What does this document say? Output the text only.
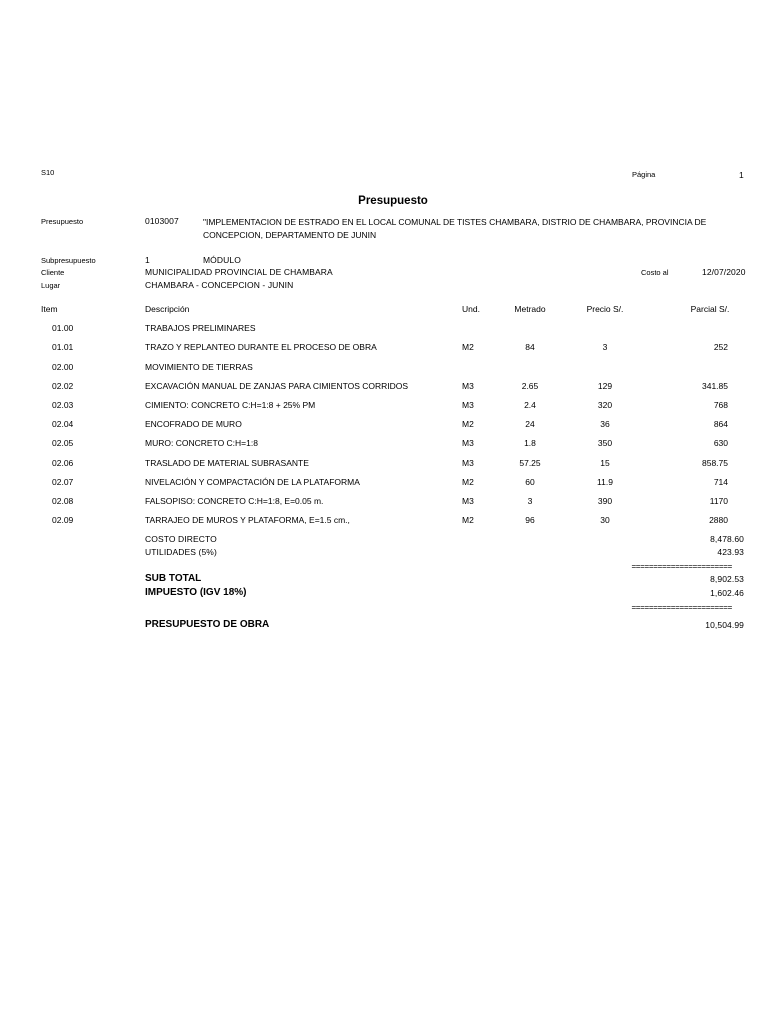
S10	Página	1
Presupuesto
Presupuesto	0103007	"IMPLEMENTACION DE ESTRADO EN EL LOCAL COMUNAL DE TISTES CHAMBARA, DISTRIO DE CHAMBARA, PROVINCIA DE CONCEPCION, DEPARTAMENTO DE JUNIN
Subpresupuesto	1	MÓDULO
Cliente	MUNICIPALIDAD PROVINCIAL DE CHAMBARA	Costo al	12/07/2020
Lugar	CHAMBARA - CONCEPCION - JUNIN
Item	Descripción	Und.	Metrado	Precio S/.	Parcial S/.
01.00	TRABAJOS PRELIMINARES
01.01	TRAZO Y REPLANTEO DURANTE EL PROCESO DE OBRA	M2	84	3	252
02.00	MOVIMIENTO DE TIERRAS
02.02	EXCAVACIÓN MANUAL DE ZANJAS PARA CIMIENTOS CORRIDOS	M3	2.65	129	341.85
02.03	CIMIENTO: CONCRETO C:H=1:8 + 25% PM	M3	2.4	320	768
02.04	ENCOFRADO DE MURO	M2	24	36	864
02.05	MURO: CONCRETO C:H=1:8	M3	1.8	350	630
02.06	TRASLADO DE MATERIAL SUBRASANTE	M3	57.25	15	858.75
02.07	NIVELACIÓN Y COMPACTACIÓN DE LA PLATAFORMA	M2	60	11.9	714
02.08	FALSOPISO: CONCRETO C:H=1:8, E=0.05 m.	M3	3	390	1170
02.09	TARRAJEO DE MUROS Y PLATAFORMA, E=1.5 cm.,	M2	96	30	2880
COSTO DIRECTO	8,478.60
UTILIDADES (5%)	423.93
=======================
SUB TOTAL	8,902.53
IMPUESTO (IGV 18%)	1,602.46
=======================
PRESUPUESTO DE OBRA	10,504.99
